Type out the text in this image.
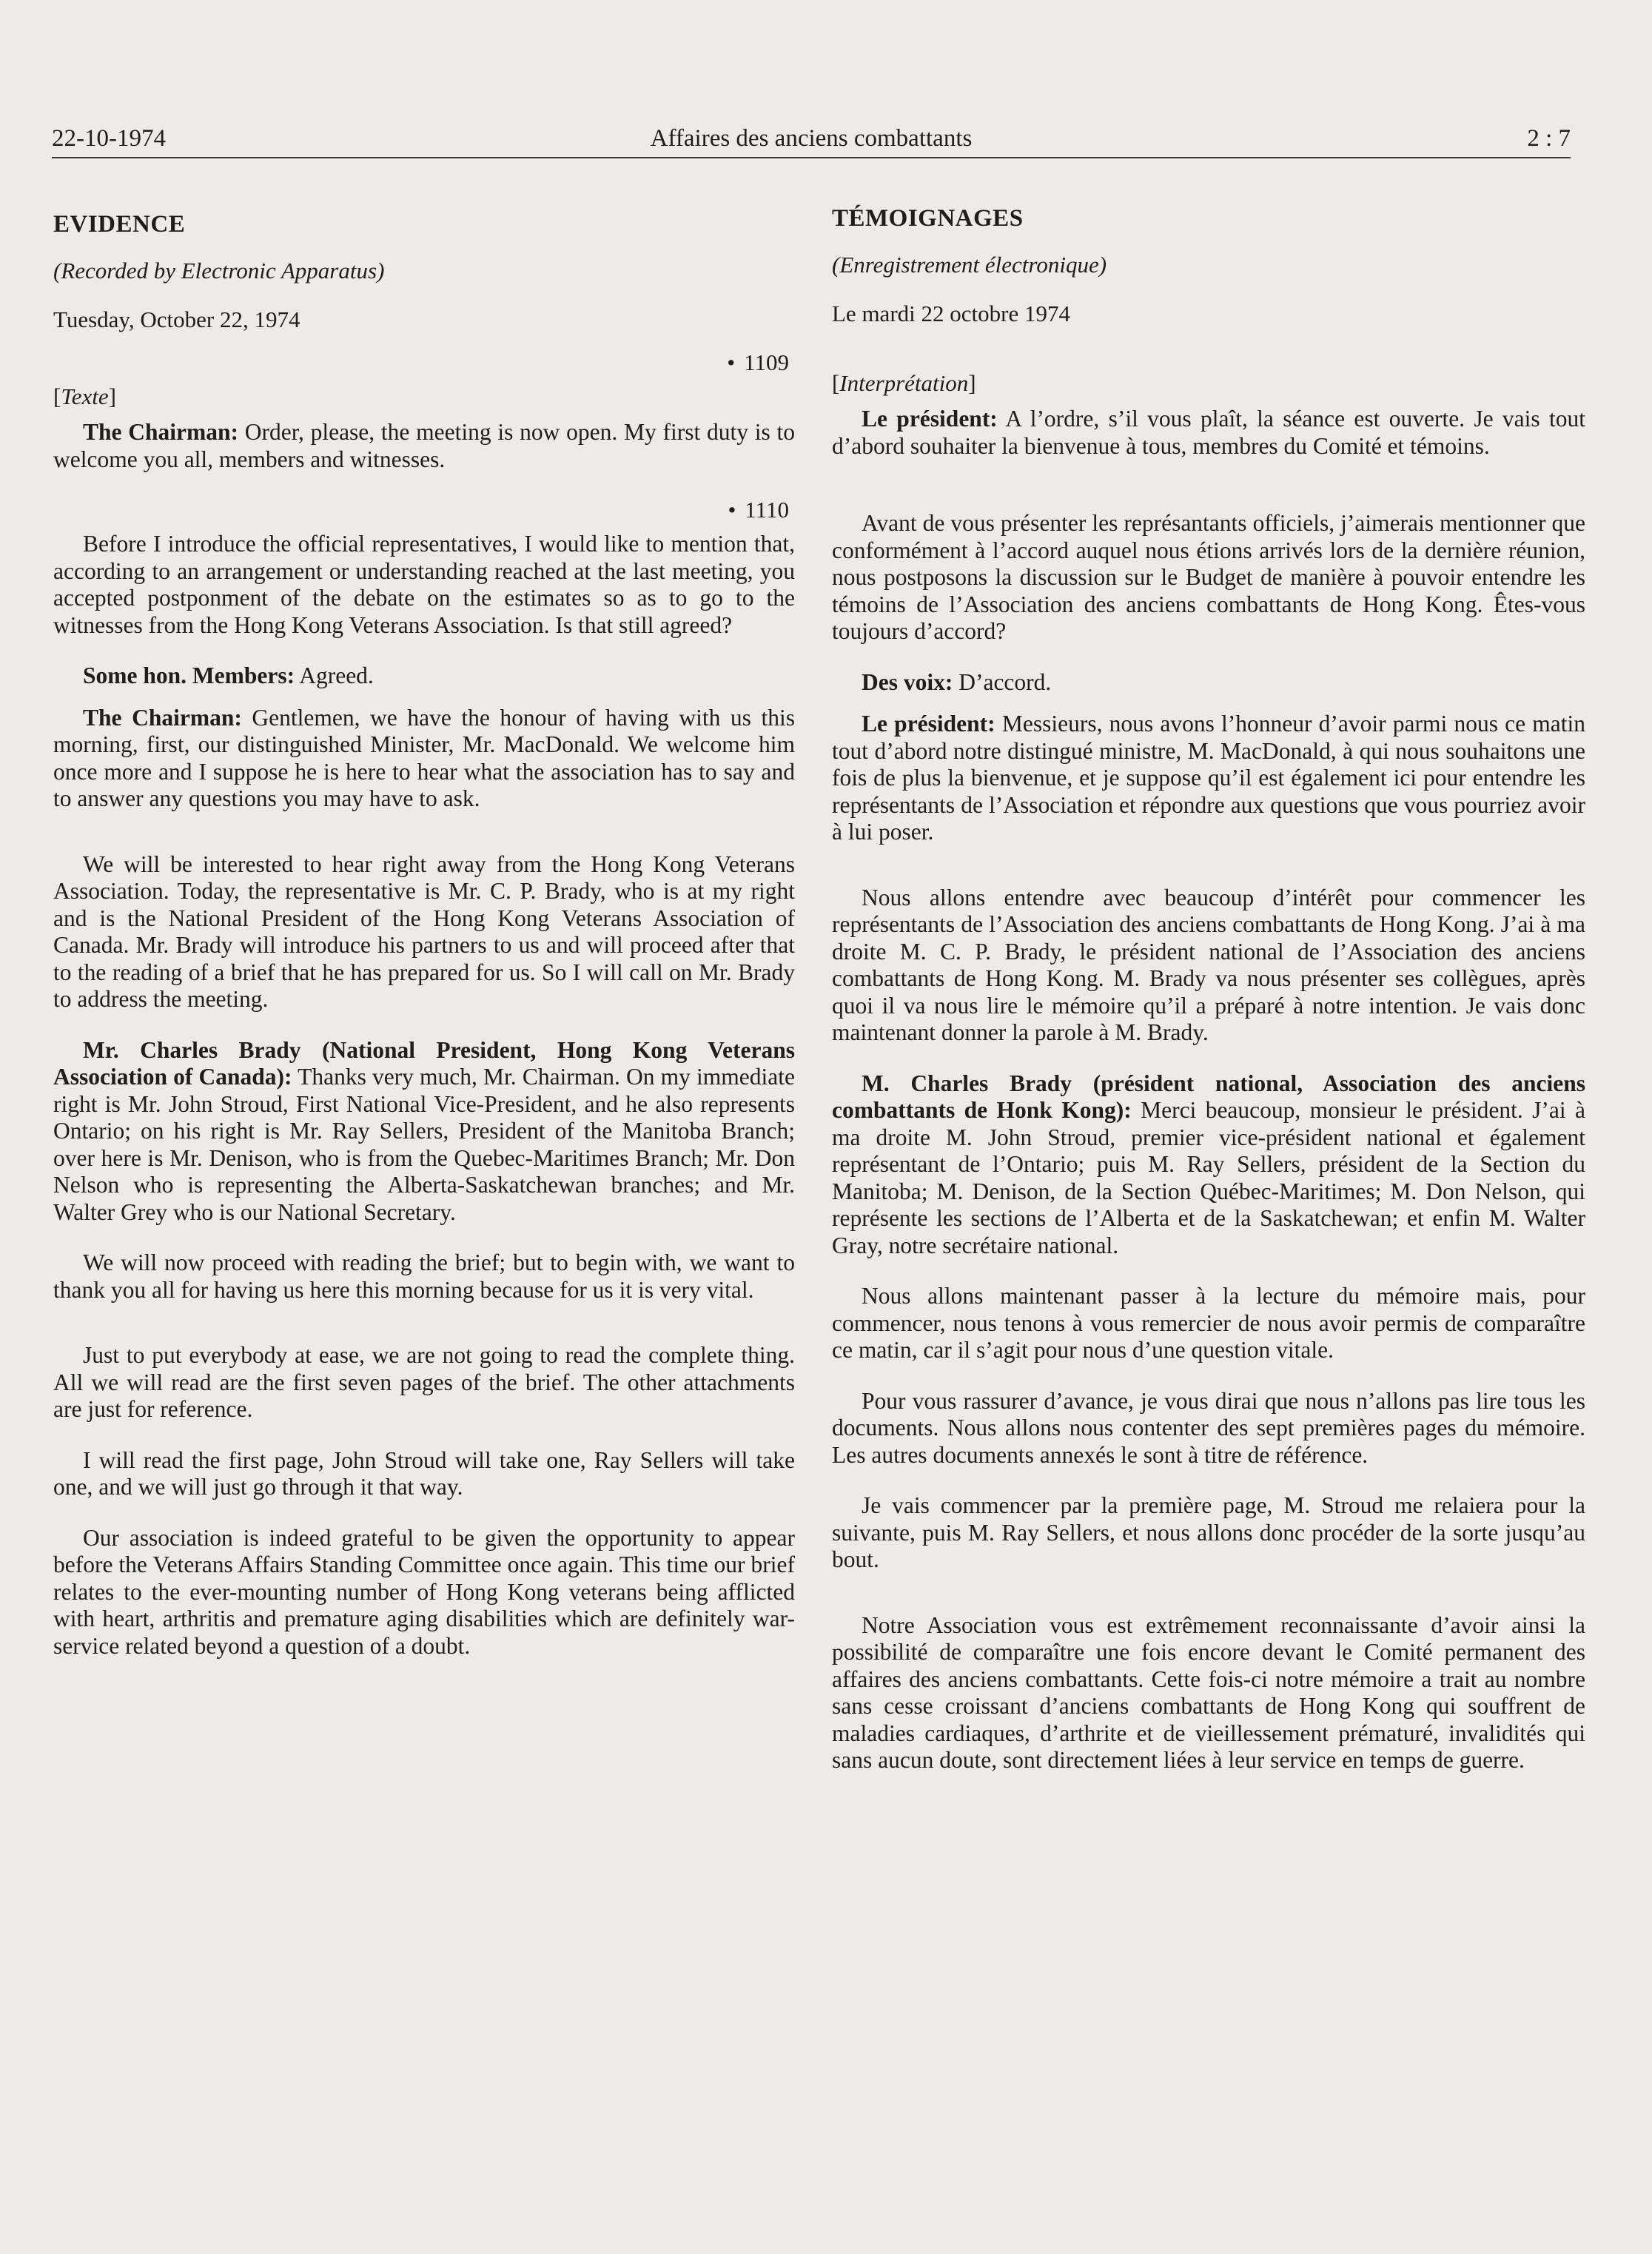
22-10-1974	Affaires des anciens combattants	2 : 7
EVIDENCE
(Recorded by Electronic Apparatus)
Tuesday, October 22, 1974
• 1109
[Texte]

The Chairman: Order, please, the meeting is now open. My first duty is to welcome you all, members and witnesses.

• 1110

Before I introduce the official representatives, I would like to mention that, according to an arrangement or understanding reached at the last meeting, you accepted postponment of the debate on the estimates so as to go to the witnesses from the Hong Kong Veterans Association. Is that still agreed?

Some hon. Members: Agreed.

The Chairman: Gentlemen, we have the honour of having with us this morning, first, our distinguished Minister, Mr. MacDonald. We welcome him once more and I suppose he is here to hear what the association has to say and to answer any questions you may have to ask.

We will be interested to hear right away from the Hong Kong Veterans Association. Today, the representative is Mr. C. P. Brady, who is at my right and is the National President of the Hong Kong Veterans Association of Canada. Mr. Brady will introduce his partners to us and will proceed after that to the reading of a brief that he has prepared for us. So I will call on Mr. Brady to address the meeting.

Mr. Charles Brady (National President, Hong Kong Veterans Association of Canada): Thanks very much, Mr. Chairman. On my immediate right is Mr. John Stroud, First National Vice-President, and he also represents Ontario; on his right is Mr. Ray Sellers, President of the Manitoba Branch; over here is Mr. Denison, who is from the Quebec-Maritimes Branch; Mr. Don Nelson who is representing the Alberta-Saskatchewan branches; and Mr. Walter Grey who is our National Secretary.

We will now proceed with reading the brief; but to begin with, we want to thank you all for having us here this morning because for us it is very vital.

Just to put everybody at ease, we are not going to read the complete thing. All we will read are the first seven pages of the brief. The other attachments are just for reference.

I will read the first page, John Stroud will take one, Ray Sellers will take one, and we will just go through it that way.

Our association is indeed grateful to be given the opportunity to appear before the Veterans Affairs Standing Committee once again. This time our brief relates to the ever-mounting number of Hong Kong veterans being afflicted with heart, arthritis and premature aging disabilities which are definitely war-service related beyond a question of a doubt.

TÉMOIGNAGES
(Enregistrement électronique)
Le mardi 22 octobre 1974
[Interprétation]

Le président: A l’ordre, s’il vous plaît, la séance est ouverte. Je vais tout d’abord souhaiter la bienvenue à tous, membres du Comité et témoins.

Avant de vous présenter les représantants officiels, j’aimerais mentionner que conformément à l’accord auquel nous étions arrivés lors de la dernière réunion, nous postposons la discussion sur le Budget de manière à pouvoir entendre les témoins de l’Association des anciens combattants de Hong Kong. Êtes-vous toujours d’accord?

Des voix: D’accord.

Le président: Messieurs, nous avons l’honneur d’avoir parmi nous ce matin tout d’abord notre distingué ministre, M. MacDonald, à qui nous souhaitons une fois de plus la bienvenue, et je suppose qu’il est également ici pour entendre les représentants de l’Association et répondre aux questions que vous pourriez avoir à lui poser.

Nous allons entendre avec beaucoup d’intérêt pour commencer les représentants de l’Association des anciens combattants de Hong Kong. J’ai à ma droite M. C. P. Brady, le président national de l’Association des anciens combattants de Hong Kong. M. Brady va nous présenter ses collègues, après quoi il va nous lire le mémoire qu’il a préparé à notre intention. Je vais donc maintenant donner la parole à M. Brady.

M. Charles Brady (président national, Association des anciens combattants de Honk Kong): Merci beaucoup, monsieur le président. J’ai à ma droite M. John Stroud, premier vice-président national et également représentant de l’Ontario; puis M. Ray Sellers, président de la Section du Manitoba; M. Denison, de la Section Québec-Maritimes; M. Don Nelson, qui représente les sections de l’Alberta et de la Saskatchewan; et enfin M. Walter Gray, notre secrétaire national.

Nous allons maintenant passer à la lecture du mémoire mais, pour commencer, nous tenons à vous remercier de nous avoir permis de comparaître ce matin, car il s’agit pour nous d’une question vitale.

Pour vous rassurer d’avance, je vous dirai que nous n’allons pas lire tous les documents. Nous allons nous contenter des sept premières pages du mémoire. Les autres documents annexés le sont à titre de référence.

Je vais commencer par la première page, M. Stroud me relaiera pour la suivante, puis M. Ray Sellers, et nous allons donc procéder de la sorte jusqu’au bout.

Notre Association vous est extrêmement reconnaissante d’avoir ainsi la possibilité de comparaître une fois encore devant le Comité permanent des affaires des anciens combattants. Cette fois-ci notre mémoire a trait au nombre sans cesse croissant d’anciens combattants de Hong Kong qui souffrent de maladies cardiaques, d’arthrite et de vieillessement prématuré, invalidités qui sans aucun doute, sont directement liées à leur service en temps de guerre.
